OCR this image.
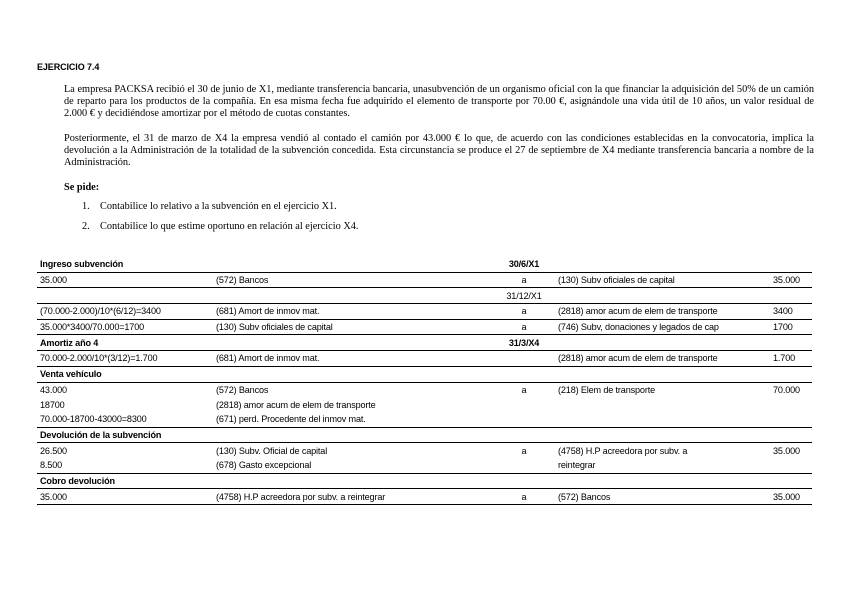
EJERCICIO 7.4

La empresa PACKSA recibió el 30 de junio de X1, mediante transferencia bancaria, unasubvención de un organismo oficial con la que financiar la adquisición del 50% de un camión de reparto para los productos de la compañía. En esa misma fecha fue adquirido el elemento de transporte por 70.00 €, asignándole una vida útil de 10 años, un valor residual de 2.000 € y decidiéndose amortizar por el método de cuotas constantes.

Posteriormente, el 31 de marzo de X4 la empresa vendió al contado el camión por 43.000 € lo que, de acuerdo con las condiciones establecidas en la convocatoria, implica la devolución a la Administración de la totalidad de la subvención concedida. Esta circunstancia se produce el 27 de septiembre de X4 mediante transferencia bancaria a nombre de la Administración.

Se pide:
1. Contabilice lo relativo a la subvención en el ejercicio X1.
2. Contabilice lo que estime oportuno en relación al ejercicio X4.
Ingreso subvención		30/6/X1		
35.000	(572) Bancos	a	(130) Subv oficiales de capital	35.000
		31/12/X1		
(70.000-2.000)/10*(6/12)=3400	(681) Amort de inmov mat.	a	(2818) amor acum de elem de transporte	3400
35.000*3400/70.000=1700	(130) Subv oficiales de capital	a	(746) Subv, donaciones y legados de cap	1700
Amortiz año 4		31/3/X4		
70.000-2.000/10*(3/12)=1.700	(681) Amort de inmov mat.		(2818) amor acum de elem de transporte	1.700
Venta vehículo				
43.000	(572) Bancos	a	(218) Elem de transporte	70.000
18700	(2818) amor acum de elem de transporte			
70.000-18700-43000=8300	(671) perd. Procedente del inmov mat.			
Devolución de la subvención				
26.500	(130) Subv. Oficial de capital	a	(4758) H.P acreedora por subv. a	35.000
8.500	(678) Gasto excepcional		reintegrar	
Cobro devolución				
35.000	(4758) H.P acreedora por subv. a reintegrar	a	(572) Bancos	35.000
